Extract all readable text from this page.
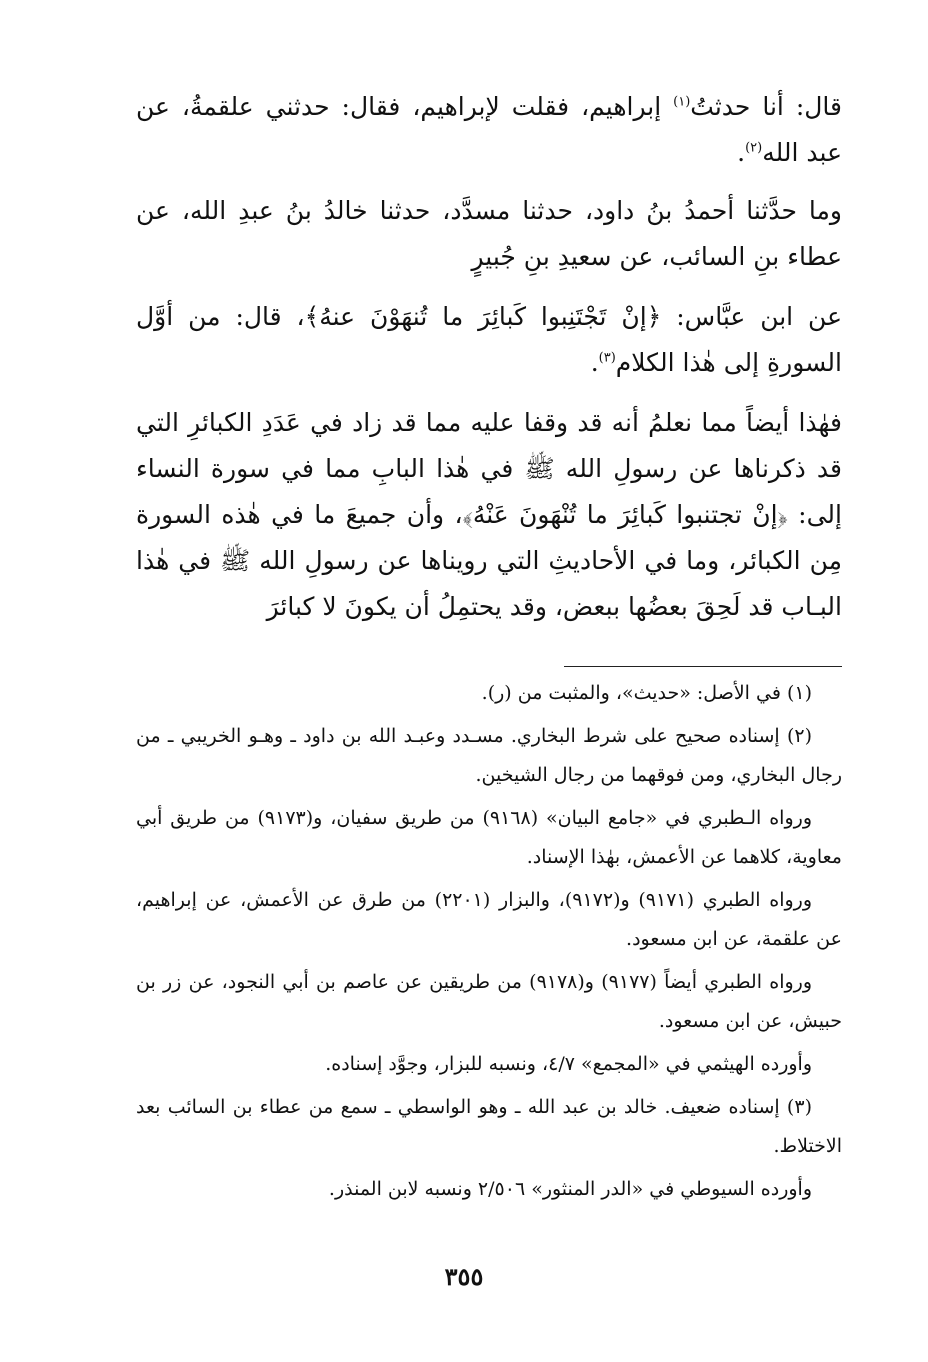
قال: أنا حدثتُ$^{(١)}$ إبراهيم، فقلت لإبراهيم، فقال: حدثني علقمةُ، عن عبد الله$^{(٢)}$.

وما حدَّثنا أحمدُ بنُ داود، حدثنا مسدَّد، حدثنا خالدُ بنُ عبدِ الله، عن عطاء بنِ السائب، عن سعيدِ بنِ جُبيرٍ

عن ابن عبَّاس: ﴿إنْ تَجْتَنِبوا كَبائِرَ ما تُنهَوْنَ عنهُ﴾، قال: من أوَّل السورةِ إلى هٰذا الكلام$^{(٣)}$.

فهٰذا أيضاً مما نعلمُ أنه قد وقفا عليه مما قد زاد في عَدَدِ الكبائرِ التي قد ذكرناها عن رسولِ الله ﷺ في هٰذا البابِ مما في سورة النساء إلى: ﴿إنْ تجتنبوا كَبائِرَ ما تُنْهَونَ عَنْهُ﴾، وأن جميعَ ما في هٰذه السورة مِن الكبائر، وما في الأحاديثِ التي رويناها عن رسولِ الله ﷺ في هٰذا البـاب قد لَحِقَ بعضُها ببعض، وقد يحتمِلُ أن يكونَ لا كبائرَ

(١) في الأصل: «حديث»، والمثبت من (ر).

(٢) إسناده صحيح على شرط البخاري. مسـدد وعبـد الله بن داود ـ وهـو الخريبي ـ من رجال البخاري، ومن فوقهما من رجال الشيخين.

ورواه الـطبري في «جامع البيان» (٩١٦٨) من طريق سفيان، و(٩١٧٣) من طريق أبي معاوية، كلاهما عن الأعمش، بهٰذا الإسناد.

ورواه الطبري (٩١٧١) و(٩١٧٢)، والبزار (٢٢٠١) من طرق عن الأعمش، عن إبراهيم، عن علقمة، عن ابن مسعود.

ورواه الطبري أيضاً (٩١٧٧) و(٩١٧٨) من طريقين عن عاصم بن أبي النجود، عن زر بن حبيش، عن ابن مسعود.

وأورده الهيثمي في «المجمع» ٤/٧، ونسبه للبزار، وجوَّد إسناده.

(٣) إسناده ضعيف. خالد بن عبد الله ـ وهو الواسطي ـ سمع من عطاء بن السائب بعد الاختلاط.

وأورده السيوطي في «الدر المنثور» ٢/٥٠٦ ونسبه لابن المنذر.

٣٥٥
